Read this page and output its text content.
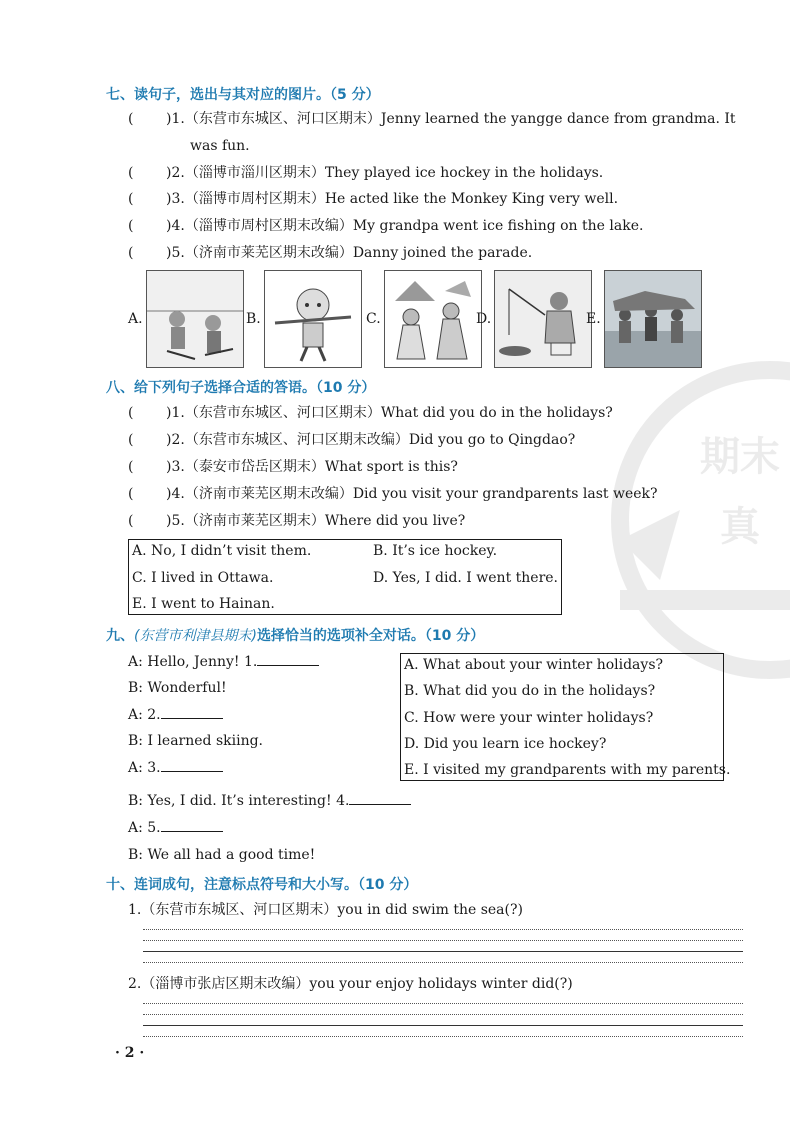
期末
真
七、读句子，选出与其对应的图片。（5 分）
( )1.（东营市东城区、河口区期末）Jenny learned the yangge dance from grandma. It
was fun.
( )2.（淄博市淄川区期末）They played ice hockey in the holidays.
( )3.（淄博市周村区期末）He acted like the Monkey King very well.
( )4.（淄博市周村区期末改编）My grandpa went ice fishing on the lake.
( )5.（济南市莱芜区期末改编）Danny joined the parade.
A.	B.	C.	D.	E.
八、给下列句子选择合适的答语。（10 分）
( )1.（东营市东城区、河口区期末）What did you do in the holidays?
( )2.（东营市东城区、河口区期末改编）Did you go to Qingdao?
( )3.（泰安市岱岳区期末）What sport is this?
( )4.（济南市莱芜区期末改编）Did you visit your grandparents last week?
( )5.（济南市莱芜区期末）Where did you live?
A. No, I didn’t visit them.	B. It’s ice hockey.
C. I lived in Ottawa.	D. Yes, I did. I went there.
E. I went to Hainan.
九、(东营市利津县期末)选择恰当的选项补全对话。（10 分）
A: Hello, Jenny! 1.
B: Wonderful!
A: 2.
B: I learned skiing.
A: 3.
B: Yes, I did. It’s interesting! 4.
A: 5.
B: We all had a good time!
A. What about your winter holidays?
B. What did you do in the holidays?
C. How were your winter holidays?
D. Did you learn ice hockey?
E. I visited my grandparents with my parents.
十、连词成句，注意标点符号和大小写。（10 分）
1.（东营市东城区、河口区期末）you in did swim the sea(?)
2.（淄博市张店区期末改编）you your enjoy holidays winter did(?)
· 2 ·
